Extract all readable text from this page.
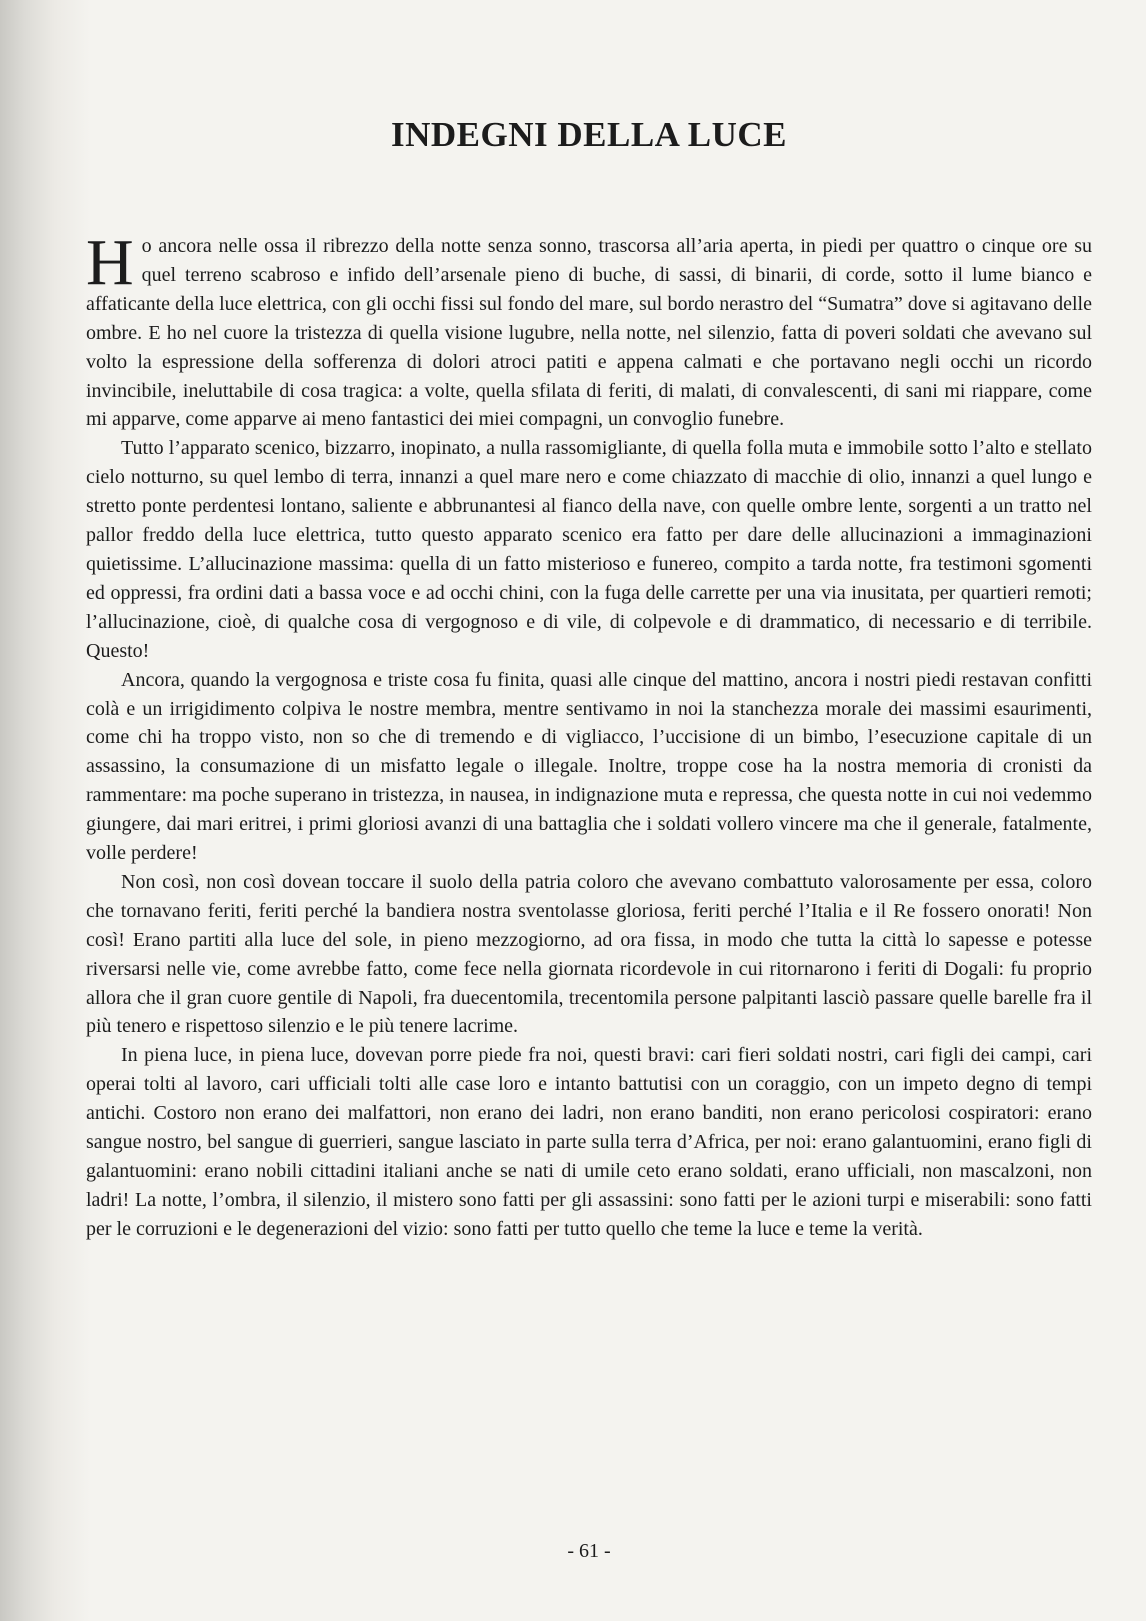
INDEGNI DELLA LUCE

Ho ancora nelle ossa il ribrezzo della notte senza sonno, trascorsa all’aria aperta, in piedi per quattro o cinque ore su quel terreno scabroso e infido dell’arsenale pieno di buche, di sassi, di binarii, di corde, sotto il lume bianco e affaticante della luce elettrica, con gli occhi fissi sul fondo del mare, sul bordo nerastro del “Sumatra” dove si agitavano delle ombre. E ho nel cuore la tristezza di quella visione lugubre, nella notte, nel silenzio, fatta di poveri soldati che avevano sul volto la espressione della sofferenza di dolori atroci patiti e appena calmati e che portavano negli occhi un ricordo invincibile, ineluttabile di cosa tragica: a volte, quella sfilata di feriti, di malati, di convalescenti, di sani mi riappare, come mi apparve, come apparve ai meno fantastici dei miei compagni, un convoglio funebre.

Tutto l’apparato scenico, bizzarro, inopinato, a nulla rassomigliante, di quella folla muta e immobile sotto l’alto e stellato cielo notturno, su quel lembo di terra, innanzi a quel mare nero e come chiazzato di macchie di olio, innanzi a quel lungo e stretto ponte perdentesi lontano, saliente e abbrunantesi al fianco della nave, con quelle ombre lente, sorgenti a un tratto nel pallor freddo della luce elettrica, tutto questo apparato scenico era fatto per dare delle allucinazioni a immaginazioni quietissime. L’allucinazione massima: quella di un fatto misterioso e funereo, compito a tarda notte, fra testimoni sgomenti ed oppressi, fra ordini dati a bassa voce e ad occhi chini, con la fuga delle carrette per una via inusitata, per quartieri remoti; l’allucinazione, cioè, di qualche cosa di vergognoso e di vile, di colpevole e di drammatico, di necessario e di terribile. Questo!

Ancora, quando la vergognosa e triste cosa fu finita, quasi alle cinque del mattino, ancora i nostri piedi restavan confitti colà e un irrigidimento colpiva le nostre membra, mentre sentivamo in noi la stanchezza morale dei massimi esaurimenti, come chi ha troppo visto, non so che di tremendo e di vigliacco, l’uccisione di un bimbo, l’esecuzione capitale di un assassino, la consumazione di un misfatto legale o illegale. Inoltre, troppe cose ha la nostra memoria di cronisti da rammentare: ma poche superano in tristezza, in nausea, in indignazione muta e repressa, che questa notte in cui noi vedemmo giungere, dai mari eritrei, i primi gloriosi avanzi di una battaglia che i soldati vollero vincere ma che il generale, fatalmente, volle perdere!

Non così, non così dovean toccare il suolo della patria coloro che avevano combattuto valorosamente per essa, coloro che tornavano feriti, feriti perché la bandiera nostra sventolasse gloriosa, feriti perché l’Italia e il Re fossero onorati! Non così! Erano partiti alla luce del sole, in pieno mezzogiorno, ad ora fissa, in modo che tutta la città lo sapesse e potesse riversarsi nelle vie, come avrebbe fatto, come fece nella giornata ricordevole in cui ritornarono i feriti di Dogali: fu proprio allora che il gran cuore gentile di Napoli, fra duecentomila, trecentomila persone palpitanti lasciò passare quelle barelle fra il più tenero e rispettoso silenzio e le più tenere lacrime.

In piena luce, in piena luce, dovevan porre piede fra noi, questi bravi: cari fieri soldati nostri, cari figli dei campi, cari operai tolti al lavoro, cari ufficiali tolti alle case loro e intanto battutisi con un coraggio, con un impeto degno di tempi antichi. Costoro non erano dei malfattori, non erano dei ladri, non erano banditi, non erano pericolosi cospiratori: erano sangue nostro, bel sangue di guerrieri, sangue lasciato in parte sulla terra d’Africa, per noi: erano galantuomini, erano figli di galantuomini: erano nobili cittadini italiani anche se nati di umile ceto erano soldati, erano ufficiali, non mascalzoni, non ladri! La notte, l’ombra, il silenzio, il mistero sono fatti per gli assassini: sono fatti per le azioni turpi e miserabili: sono fatti per le corruzioni e le degenerazioni del vizio: sono fatti per tutto quello che teme la luce e teme la verità.

- 61 -
